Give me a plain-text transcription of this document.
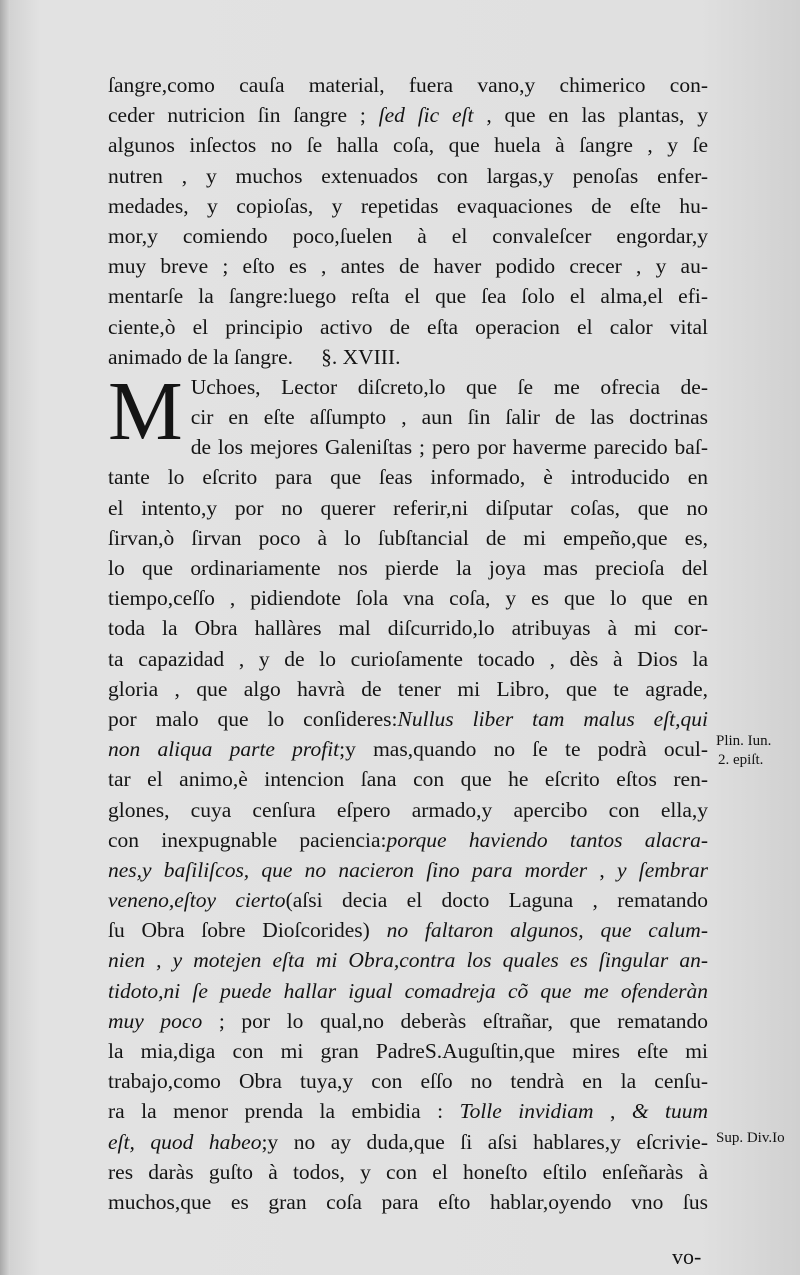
ſangre,como cauſa material, fuera vano,y chimerico con-
ceder nutricion ſin ſangre ; ſed ſic eſt , que en las plantas, y
algunos inſectos no ſe halla coſa, que huela à ſangre , y ſe
nutren , y muchos extenuados con largas,y penoſas enfer-
medades, y copioſas, y repetidas evaquaciones de eſte hu-
mor,y comiendo poco,ſuelen à el convaleſcer engordar,y
muy breve ; eſto es , antes de haver podido crecer , y au-
mentarſe la ſangre:luego reſta el que ſea ſolo el alma,el efi-
ciente,ò el principio activo de eſta operacion el calor vital
animado de la ſangre. §. XVIII.
M Uchoes, Lector diſcreto,lo que ſe me ofrecia de-
cir en eſte aſſumpto , aun ſin ſalir de las doctrinas
de los mejores Galeniſtas ; pero por haverme parecido baſ-
tante lo eſcrito para que ſeas informado, è introducido en
el intento,y por no querer referir,ni diſputar coſas, que no
ſirvan,ò ſirvan poco à lo ſubſtancial de mi empeño,que es,
lo que ordinariamente nos pierde la joya mas precioſa del
tiempo,ceſſo , pidiendote ſola vna coſa, y es que lo que en
toda la Obra hallàres mal diſcurrido,lo atribuyas à mi cor-
ta capazidad , y de lo curioſamente tocado , dès à Dios la
gloria , que algo havrà de tener mi Libro, que te agrade,
por malo que lo conſideres:Nullus liber tam malus eſt,qui
non aliqua parte profit;y mas,quando no ſe te podrà ocul-
tar el animo,è intencion ſana con que he eſcrito eſtos ren-
glones, cuya cenſura eſpero armado,y apercibo con ella,y
con inexpugnable paciencia:porque haviendo tantos alacra-
nes,y baſiliſcos, que no nacieron ſino para morder , y ſembrar
veneno,eſtoy cierto(aſsi decia el docto Laguna , rematando
ſu Obra ſobre Dioſcorides) no faltaron algunos, que calum-
nien , y motejen eſta mi Obra,contra los quales es ſingular an-
tidoto,ni ſe puede hallar igual comadreja cõ que me ofenderàn
muy poco ; por lo qual,no deberàs eſtrañar, que rematando
la mia,diga con mi gran PadreS.Auguſtin,que mires eſte mi
trabajo,como Obra tuya,y con eſſo no tendrà en la cenſu-
ra la menor prenda la embidia : Tolle invidiam , & tuum
eſt, quod habeo;y no ay duda,que ſi aſsi hablares,y eſcrivie-
res daràs guſto à todos, y con el honeſto eſtilo enſeñaràs à
muchos,que es gran coſa para eſto hablar,oyendo vno ſus
Plin. Iun.
2. epiſt.
Sup. Div.Io
vo-
